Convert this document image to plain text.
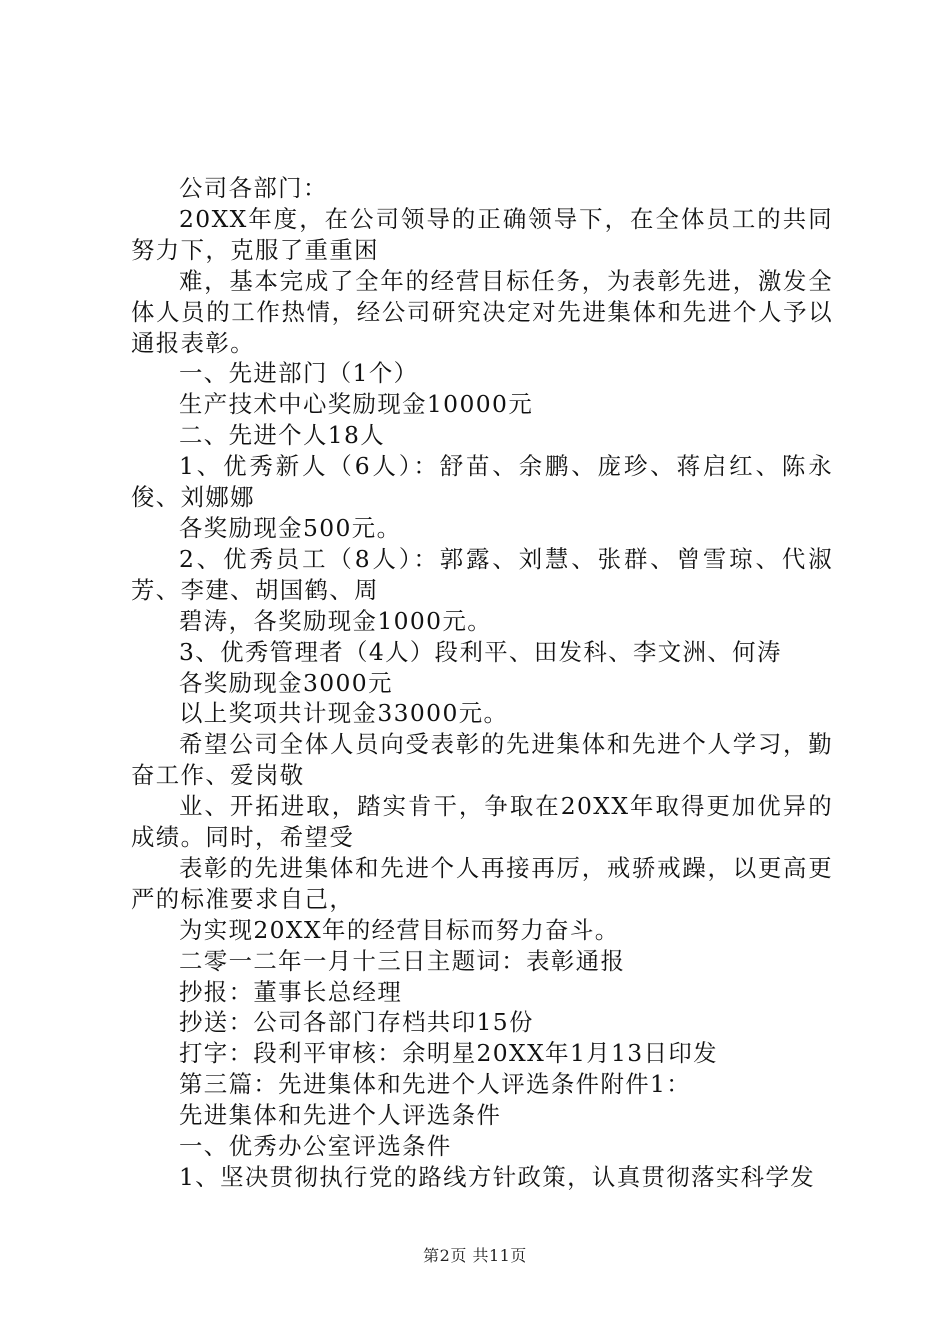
公司各部门：

20XX年度，在公司领导的正确领导下，在全体员工的共同努力下，克服了重重困

难，基本完成了全年的经营目标任务，为表彰先进，激发全体人员的工作热情，经公司研究决定对先进集体和先进个人予以通报表彰。

一、先进部门（1个）

生产技术中心奖励现金10000元

二、先进个人18人

1、优秀新人（6人）：舒苗、余鹏、庞珍、蒋启红、陈永俊、刘娜娜

各奖励现金500元。

2、优秀员工（8人）：郭露、刘慧、张群、曾雪琼、代淑芳、李建、胡国鹤、周

碧涛，各奖励现金1000元。

3、优秀管理者（4人）段利平、田发科、李文洲、何涛

各奖励现金3000元

以上奖项共计现金33000元。

希望公司全体人员向受表彰的先进集体和先进个人学习，勤奋工作、爱岗敬

业、开拓进取，踏实肯干，争取在20XX年取得更加优异的成绩。同时，希望受

表彰的先进集体和先进个人再接再厉，戒骄戒躁，以更高更严的标准要求自己，

为实现20XX年的经营目标而努力奋斗。

二零一二年一月十三日主题词：表彰通报

抄报：董事长总经理

抄送：公司各部门存档共印15份

打字：段利平审核：余明星20XX年1月13日印发

第三篇：先进集体和先进个人评选条件附件1：

先进集体和先进个人评选条件

一、优秀办公室评选条件

1、坚决贯彻执行党的路线方针政策，认真贯彻落实科学发

第2页 共11页
